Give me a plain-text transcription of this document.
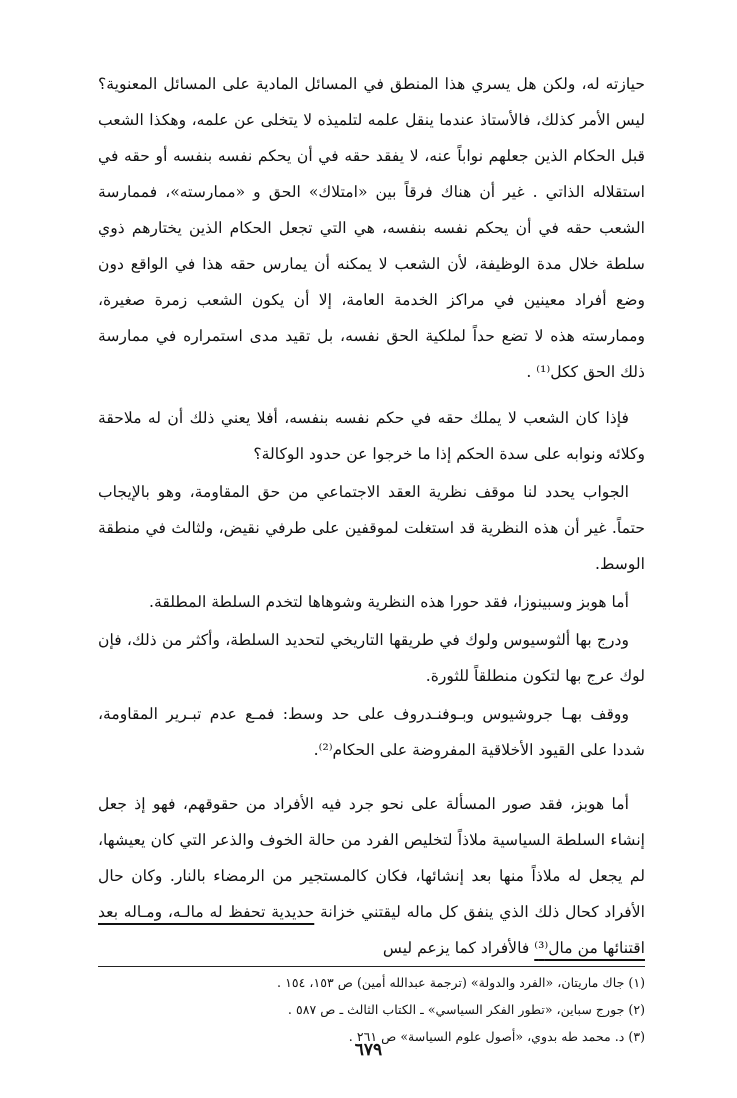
حيازته له، ولكن هل يسري هذا المنطق في المسائل المادية على المسائل المعنوية؟ ليس الأمر كذلك، فالأستاذ عندما ينقل علمه لتلميذه لا يتخلى عن علمه، وهكذا الشعب قبل الحكام الذين جعلهم نواباً عنه، لا يفقد حقه في أن يحكم نفسه بنفسه أو حقه في استقلاله الذاتي . غير أن هناك فرقاً بين «امتلاك» الحق و «ممارسته»، فممارسة الشعب حقه في أن يحكم نفسه بنفسه، هي التي تجعل الحكام الذين يختارهم ذوي سلطة خلال مدة الوظيفة، لأن الشعب لا يمكنه أن يمارس حقه هذا في الواقع دون وضع أفراد معينين في مراكز الخدمة العامة، إلا أن يكون الشعب زمرة صغيرة، وممارسته هذه لا تضع حداً لملكية الحق نفسه، بل تقيد مدى استمراره في ممارسة ذلك الحق ككل⁽¹⁾ .

فإذا كان الشعب لا يملك حقه في حكم نفسه بنفسه، أفلا يعني ذلك أن له ملاحقة وكلائه ونوابه على سدة الحكم إذا ما خرجوا عن حدود الوكالة؟

الجواب يحدد لنا موقف نظرية العقد الاجتماعي من حق المقاومة، وهو بالإيجاب حتماً. غير أن هذه النظرية قد استغلت لموقفين على طرفي نقيض، ولثالث في منطقة الوسط.

أما هوبز وسبينوزا، فقد حورا هذه النظرية وشوهاها لتخدم السلطة المطلقة.

ودرج بها ألثوسيوس ولوك في طريقها التاريخي لتحديد السلطة، وأكثر من ذلك، فإن لوك عرج بها لتكون منطلقاً للثورة.

ووقف بهـا جروشيوس وبـوفنـدروف على حد وسط: فمـع عدم تبـرير المقاومة، شددا على القيود الأخلاقية المفروضة على الحكام⁽²⁾.

أما هوبز، فقد صور المسألة على نحو جرد فيه الأفراد من حقوقهم، فهو إذ جعل إنشاء السلطة السياسية ملاذاً لتخليص الفرد من حالة الخوف والذعر التي كان يعيشها، لم يجعل له ملاذاً منها بعد إنشائها، فكان كالمستجير من الرمضاء بالنار. وكان حال الأفراد كحال ذلك الذي ينفق كل ماله ليقتني خزانة حديدية تحفظ له مالـه، ومـاله بعد اقتنائها من مال⁽³⁾ فالأفراد كما يزعم ليس

(١) جاك ماريتان، «الفرد والدولة» (ترجمة عبدالله أمين) ص ١٥٣، ١٥٤ .

(٢) جورج سباين، «تطور الفكر السياسي» ـ الكتاب الثالث ـ ص ٥٨٧ .

(٣) د. محمد طه بدوي، «أصول علوم السياسة» ص ٢٦١ .

٦٧٩
